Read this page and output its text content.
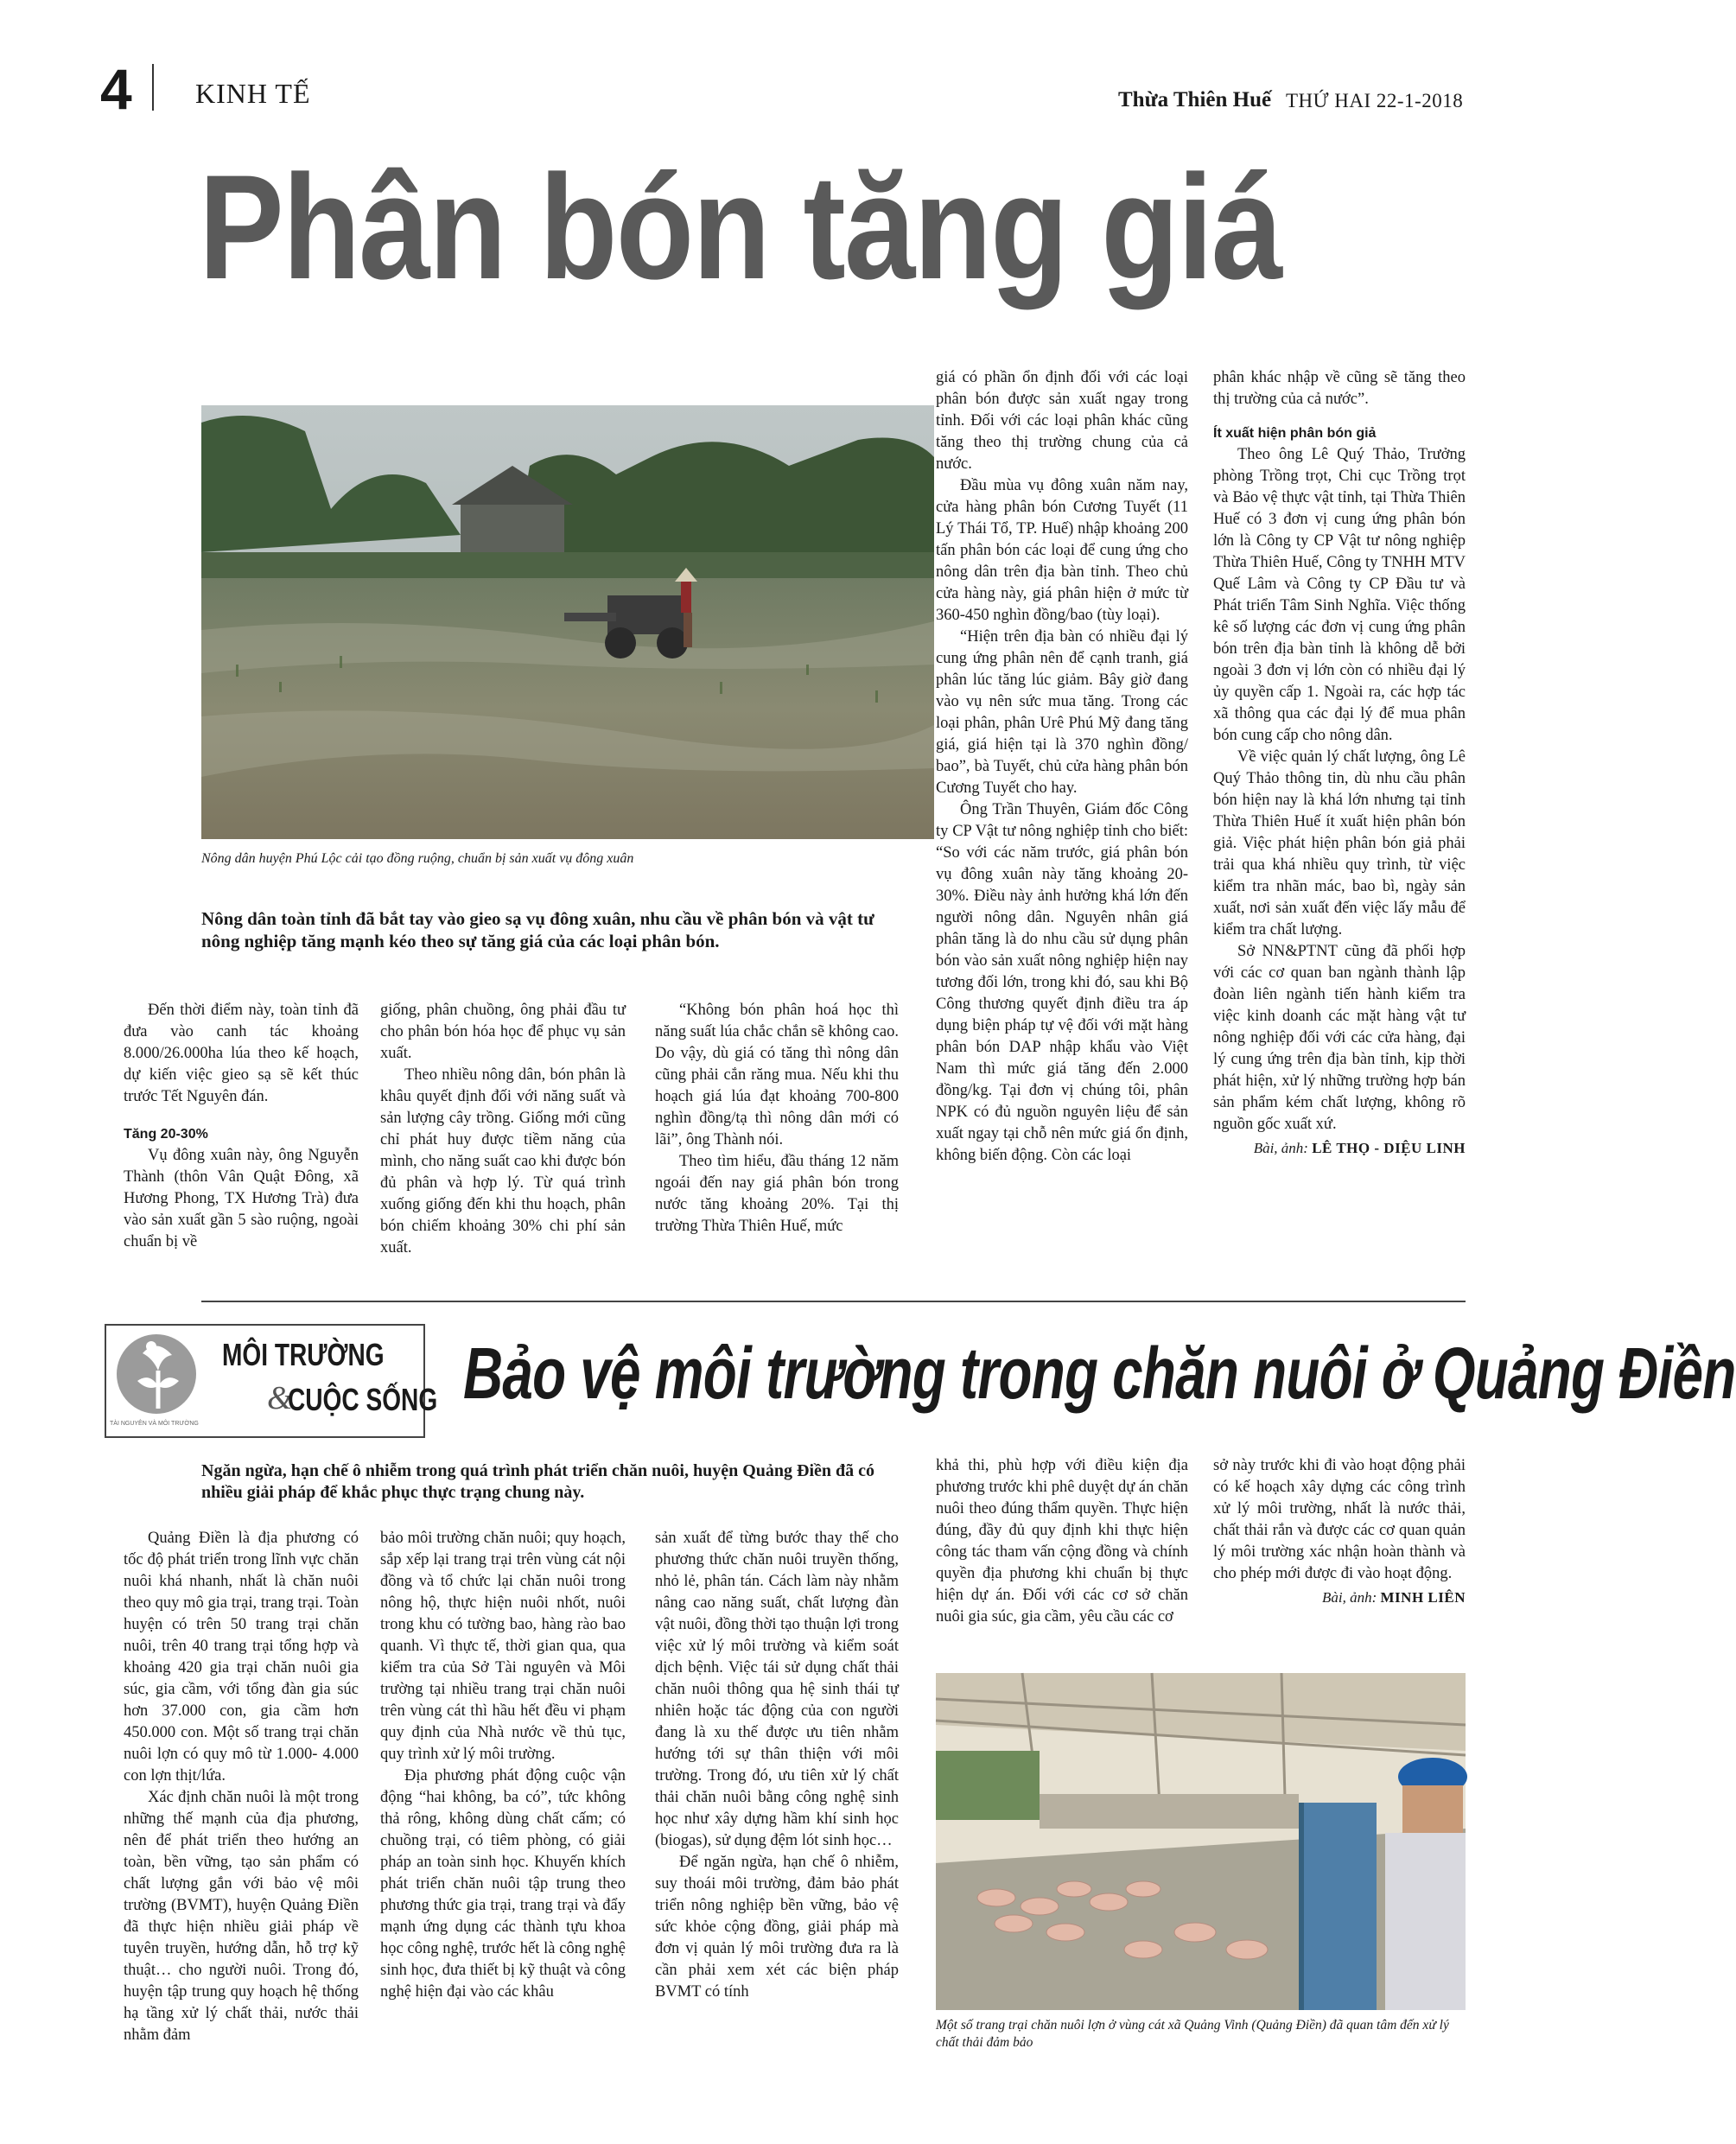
4 KINH TẾ	Thừa Thiên Huế THỨ HAI 22-1-2018
Phân bón tăng giá
Nông dân huyện Phú Lộc cải tạo đồng ruộng, chuẩn bị sản xuất vụ đông xuân
Nông dân toàn tỉnh đã bắt tay vào gieo sạ vụ đông xuân, nhu cầu về phân bón và vật tư nông nghiệp tăng mạnh kéo theo sự tăng giá của các loại phân bón.

Đến thời điểm này, toàn tỉnh đã đưa vào canh tác khoảng 8.000/26.000ha lúa theo kế hoạch, dự kiến việc gieo sạ sẽ kết thúc trước Tết Nguyên đán.

Tăng 20-30%

Vụ đông xuân này, ông Nguyễn Thành (thôn Vân Quật Đông, xã Hương Phong, TX Hương Trà) đưa vào sản xuất gần 5 sào ruộng, ngoài chuẩn bị về

giống, phân chuồng, ông phải đầu tư cho phân bón hóa học để phục vụ sản xuất.

Theo nhiều nông dân, bón phân là khâu quyết định đối với năng suất và sản lượng cây trồng. Giống mới cũng chỉ phát huy được tiềm năng của mình, cho năng suất cao khi được bón đủ phân và hợp lý. Từ quá trình xuống giống đến khi thu hoạch, phân bón chiếm khoảng 30% chi phí sản xuất.

“Không bón phân hoá học thì năng suất lúa chắc chắn sẽ không cao. Do vậy, dù giá có tăng thì nông dân cũng phải cắn răng mua. Nếu khi thu hoạch giá lúa đạt khoảng 700-800 nghìn đồng/tạ thì nông dân mới có lãi”, ông Thành nói.

Theo tìm hiểu, đầu tháng 12 năm ngoái đến nay giá phân bón trong nước tăng khoảng 20%. Tại thị trường Thừa Thiên Huế, mức

giá có phần ổn định đối với các loại phân bón được sản xuất ngay trong tỉnh. Đối với các loại phân khác cũng tăng theo thị trường chung của cả nước.

Đầu mùa vụ đông xuân năm nay, cửa hàng phân bón Cương Tuyết (11 Lý Thái Tổ, TP. Huế) nhập khoảng 200 tấn phân bón các loại để cung ứng cho nông dân trên địa bàn tỉnh. Theo chủ cửa hàng này, giá phân hiện ở mức từ 360-450 nghìn đồng/bao (tùy loại).

“Hiện trên địa bàn có nhiều đại lý cung ứng phân nên để cạnh tranh, giá phân lúc tăng lúc giảm. Bây giờ đang vào vụ nên sức mua tăng. Trong các loại phân, phân Urê Phú Mỹ đang tăng giá, giá hiện tại là 370 nghìn đồng/ bao”, bà Tuyết, chủ cửa hàng phân bón Cương Tuyết cho hay.

Ông Trần Thuyên, Giám đốc Công ty CP Vật tư nông nghiệp tỉnh cho biết: “So với các năm trước, giá phân bón vụ đông xuân này tăng khoảng 20-30%. Điều này ảnh hưởng khá lớn đến người nông dân. Nguyên nhân giá phân tăng là do nhu cầu sử dụng phân bón vào sản xuất nông nghiệp hiện nay tương đối lớn, trong khi đó, sau khi Bộ Công thương quyết định điều tra áp dụng biện pháp tự vệ đối với mặt hàng phân bón DAP nhập khẩu vào Việt Nam thì mức giá tăng đến 2.000 đồng/kg. Tại đơn vị chúng tôi, phân NPK có đủ nguồn nguyên liệu để sản xuất ngay tại chỗ nên mức giá ổn định, không biến động. Còn các loại

phân khác nhập về cũng sẽ tăng theo thị trường của cả nước”.

Ít xuất hiện phân bón giả

Theo ông Lê Quý Thảo, Trưởng phòng Trồng trọt, Chi cục Trồng trọt và Bảo vệ thực vật tỉnh, tại Thừa Thiên Huế có 3 đơn vị cung ứng phân bón lớn là Công ty CP Vật tư nông nghiệp Thừa Thiên Huế, Công ty TNHH MTV Quế Lâm và Công ty CP Đầu tư và Phát triển Tâm Sinh Nghĩa. Việc thống kê số lượng các đơn vị cung ứng phân bón trên địa bàn tỉnh là không dễ bởi ngoài 3 đơn vị lớn còn có nhiều đại lý ủy quyền cấp 1. Ngoài ra, các hợp tác xã thông qua các đại lý để mua phân bón cung cấp cho nông dân.

Về việc quản lý chất lượng, ông Lê Quý Thảo thông tin, dù nhu cầu phân bón hiện nay là khá lớn nhưng tại tỉnh Thừa Thiên Huế ít xuất hiện phân bón giả. Việc phát hiện phân bón giả phải trải qua khá nhiều quy trình, từ việc kiểm tra nhãn mác, bao bì, ngày sản xuất, nơi sản xuất đến việc lấy mẫu để kiểm tra chất lượng.

Sở NN&PTNT cũng đã phối hợp với các cơ quan ban ngành thành lập đoàn liên ngành tiến hành kiểm tra việc kinh doanh các mặt hàng vật tư nông nghiệp đối với các cửa hàng, đại lý cung ứng trên địa bàn tỉnh, kịp thời phát hiện, xử lý những trường hợp bán sản phẩm kém chất lượng, không rõ nguồn gốc xuất xứ.

Bài, ảnh: LÊ THỌ - DIỆU LINH
TÀI NGUYÊN VÀ MÔI TRƯỜNG
MÔI TRƯỜNG
&
CUỘC SỐNG Bảo vệ môi trường trong chăn nuôi ở Quảng Điền
Ngăn ngừa, hạn chế ô nhiễm trong quá trình phát triển chăn nuôi, huyện Quảng Điền đã có nhiều giải pháp để khắc phục thực trạng chung này.

Quảng Điền là địa phương có tốc độ phát triển trong lĩnh vực chăn nuôi khá nhanh, nhất là chăn nuôi theo quy mô gia trại, trang trại. Toàn huyện có trên 50 trang trại chăn nuôi, trên 40 trang trại tổng hợp và khoảng 420 gia trại chăn nuôi gia súc, gia cầm, với tổng đàn gia súc hơn 37.000 con, gia cầm hơn 450.000 con. Một số trang trại chăn nuôi lợn có quy mô từ 1.000- 4.000 con lợn thịt/lứa.

Xác định chăn nuôi là một trong những thế mạnh của địa phương, nên để phát triển theo hướng an toàn, bền vững, tạo sản phẩm có chất lượng gắn với bảo vệ môi trường (BVMT), huyện Quảng Điền đã thực hiện nhiều giải pháp về tuyên truyền, hướng dẫn, hỗ trợ kỹ thuật… cho người nuôi. Trong đó, huyện tập trung quy hoạch hệ thống hạ tầng xử lý chất thải, nước thải nhằm đảm

bảo môi trường chăn nuôi; quy hoạch, sắp xếp lại trang trại trên vùng cát nội đồng và tổ chức lại chăn nuôi trong nông hộ, thực hiện nuôi nhốt, nuôi trong khu có tường bao, hàng rào bao quanh. Vì thực tế, thời gian qua, qua kiểm tra của Sở Tài nguyên và Môi trường tại nhiều trang trại chăn nuôi trên vùng cát thì hầu hết đều vi phạm quy định của Nhà nước về thủ tục, quy trình xử lý môi trường.

Địa phương phát động cuộc vận động “hai không, ba có”, tức không thả rông, không dùng chất cấm; có chuồng trại, có tiêm phòng, có giải pháp an toàn sinh học. Khuyến khích phát triển chăn nuôi tập trung theo phương thức gia trại, trang trại và đẩy mạnh ứng dụng các thành tựu khoa học công nghệ, trước hết là công nghệ sinh học, đưa thiết bị kỹ thuật và công nghệ hiện đại vào các khâu

sản xuất để từng bước thay thế cho phương thức chăn nuôi truyền thống, nhỏ lẻ, phân tán. Cách làm này nhằm nâng cao năng suất, chất lượng đàn vật nuôi, đồng thời tạo thuận lợi trong việc xử lý môi trường và kiểm soát dịch bệnh. Việc tái sử dụng chất thải chăn nuôi thông qua hệ sinh thái tự nhiên hoặc tác động của con người đang là xu thế được ưu tiên nhằm hướng tới sự thân thiện với môi trường. Trong đó, ưu tiên xử lý chất thải chăn nuôi bằng công nghệ sinh học như xây dựng hầm khí sinh học (biogas), sử dụng đệm lót sinh học…

Để ngăn ngừa, hạn chế ô nhiễm, suy thoái môi trường, đảm bảo phát triển nông nghiệp bền vững, bảo vệ sức khỏe cộng đồng, giải pháp mà đơn vị quản lý môi trường đưa ra là cần phải xem xét các biện pháp BVMT có tính

khả thi, phù hợp với điều kiện địa phương trước khi phê duyệt dự án chăn nuôi theo đúng thẩm quyền. Thực hiện đúng, đầy đủ quy định khi thực hiện công tác tham vấn cộng đồng và chính quyền địa phương khi chuẩn bị thực hiện dự án. Đối với các cơ sở chăn nuôi gia súc, gia cầm, yêu cầu các cơ

sở này trước khi đi vào hoạt động phải có kế hoạch xây dựng các công trình xử lý môi trường, nhất là nước thải, chất thải rắn và được các cơ quan quản lý môi trường xác nhận hoàn thành và cho phép mới được đi vào hoạt động.

Bài, ảnh: MINH LIÊN
Một số trang trại chăn nuôi lợn ở vùng cát xã Quảng Vinh (Quảng Điền) đã quan tâm đến xử lý chất thải đảm bảo
